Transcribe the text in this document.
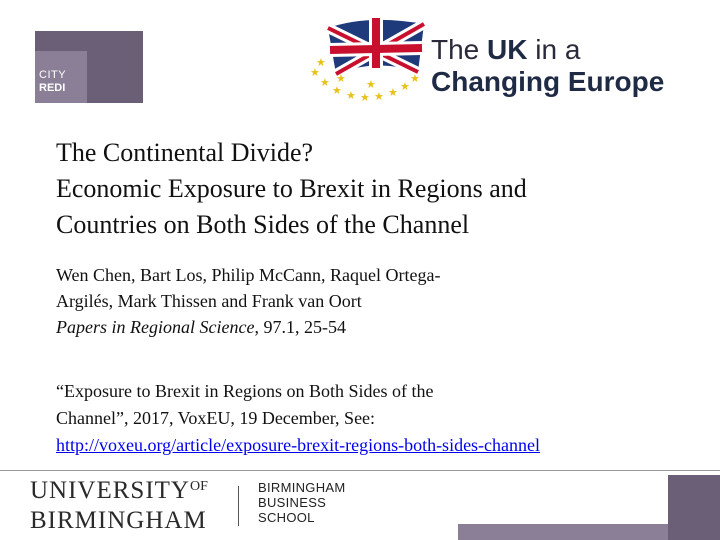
CITY
REDI
★
★
★ ★ ★ ★ ★ ★
★
★
★ ★
The UK in a
Changing Europe
The Continental Divide?
Economic Exposure to Brexit in Regions and
Countries on Both Sides of the Channel
Wen Chen, Bart Los, Philip McCann, Raquel Ortega-
Argilés, Mark Thissen and Frank van Oort
Papers in Regional Science, 97.1, 25-54
“Exposure to Brexit in Regions on Both Sides of the
Channel”, 2017, VoxEU, 19 December, See:
http://voxeu.org/article/exposure-brexit-regions-both-sides-channel
$UNIVERSITY^{OF}$
BIRMINGHAM
BIRMINGHAM
BUSINESS
SCHOOL
